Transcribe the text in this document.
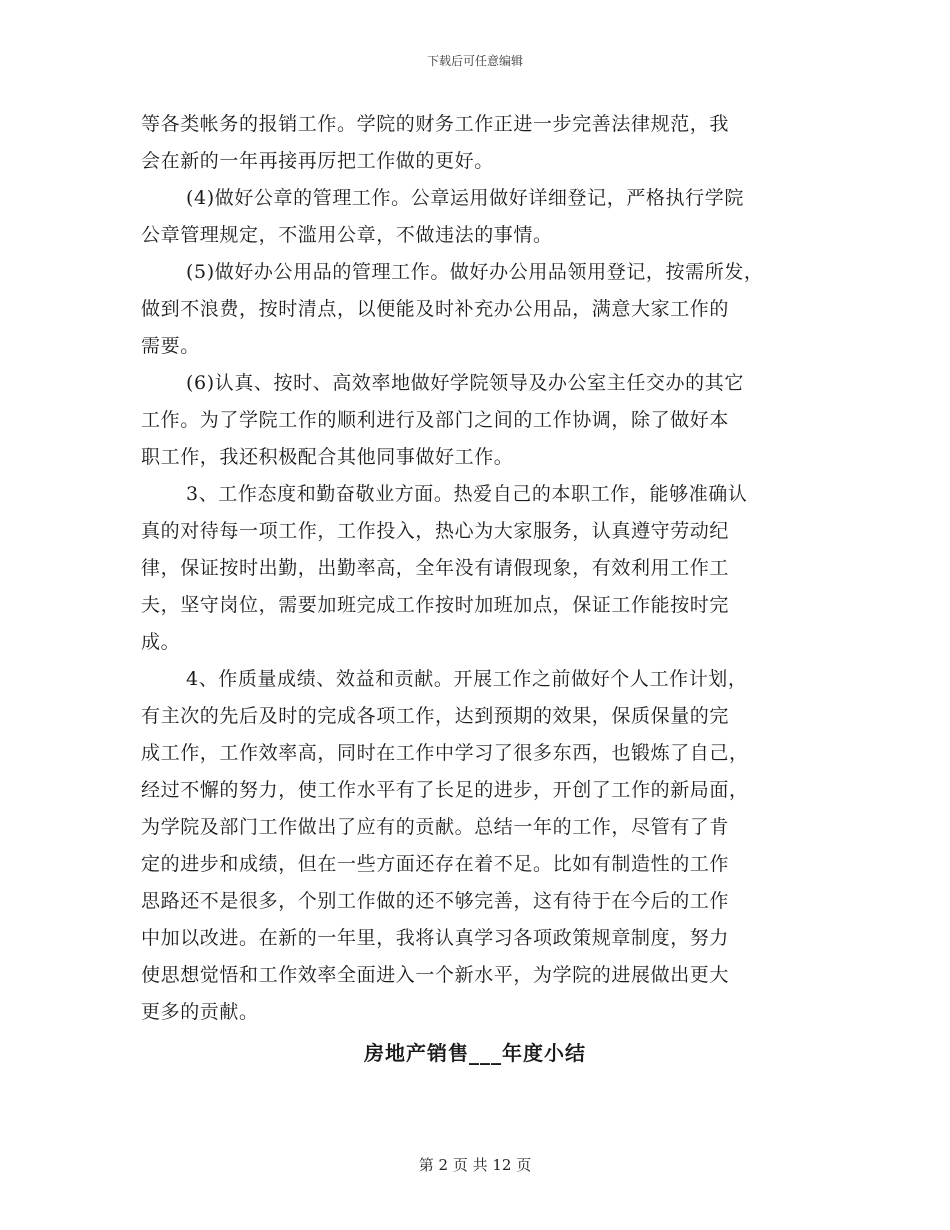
下载后可任意编辑
等各类帐务的报销工作。学院的财务工作正进一步完善法律规范，我
会在新的一年再接再厉把工作做的更好。
(4)做好公章的管理工作。公章运用做好详细登记，严格执行学院
公章管理规定，不滥用公章，不做违法的事情。
(5)做好办公用品的管理工作。做好办公用品领用登记，按需所发，
做到不浪费，按时清点，以便能及时补充办公用品，满意大家工作的
需要。
(6)认真、按时、高效率地做好学院领导及办公室主任交办的其它
工作。为了学院工作的顺利进行及部门之间的工作协调，除了做好本
职工作，我还积极配合其他同事做好工作。
3、工作态度和勤奋敬业方面。热爱自己的本职工作，能够准确认
真的对待每一项工作，工作投入，热心为大家服务，认真遵守劳动纪
律，保证按时出勤，出勤率高，全年没有请假现象，有效利用工作工
夫，坚守岗位，需要加班完成工作按时加班加点，保证工作能按时完
成。
4、作质量成绩、效益和贡献。开展工作之前做好个人工作计划，
有主次的先后及时的完成各项工作，达到预期的效果，保质保量的完
成工作，工作效率高，同时在工作中学习了很多东西，也锻炼了自己，
经过不懈的努力，使工作水平有了长足的进步，开创了工作的新局面，
为学院及部门工作做出了应有的贡献。总结一年的工作，尽管有了肯
定的进步和成绩，但在一些方面还存在着不足。比如有制造性的工作
思路还不是很多，个别工作做的还不够完善，这有待于在今后的工作
中加以改进。在新的一年里，我将认真学习各项政策规章制度，努力
使思想觉悟和工作效率全面进入一个新水平，为学院的进展做出更大
更多的贡献。
房地产销售___年度小结
第 2 页 共 12 页
